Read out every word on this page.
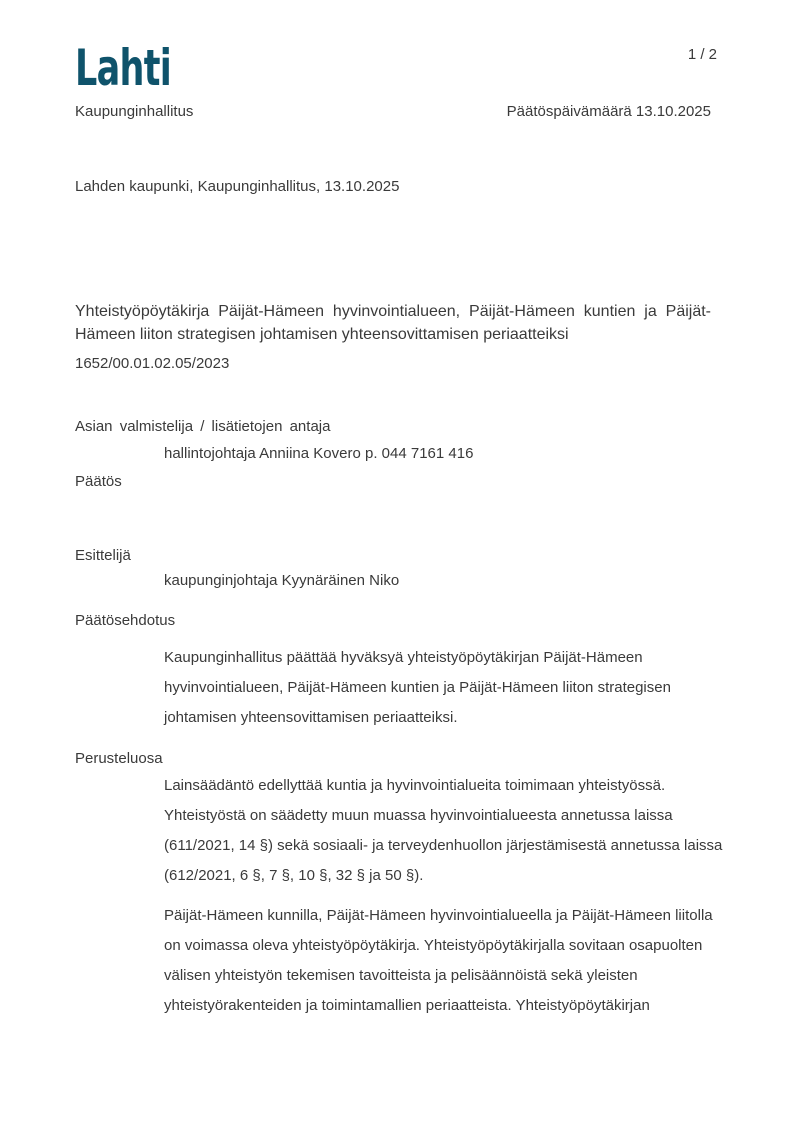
Lahti	1 / 2
Kaupunginhallitus	Päätöspäivämäärä 13.10.2025
Lahden kaupunki, Kaupunginhallitus, 13.10.2025
Yhteistyöpöytäkirja Päijät-Hämeen hyvinvointialueen, Päijät-Hämeen kuntien ja Päijät-Hämeen liiton strategisen johtamisen yhteensovittamisen periaatteiksi
1652/00.01.02.05/2023
Asian valmistelija / lisätietojen antaja
hallintojohtaja Anniina Kovero p. 044 7161 416
Päätös
Esittelijä
kaupunginjohtaja Kyynäräinen Niko
Päätösehdotus

Kaupunginhallitus päättää hyväksyä yhteistyöpöytäkirjan Päijät-Hämeen hyvinvointialueen, Päijät-Hämeen kuntien ja Päijät-Hämeen liiton strategisen johtamisen yhteensovittamisen periaatteiksi.

Perusteluosa

Lainsäädäntö edellyttää kuntia ja hyvinvointialueita toimimaan yhteistyössä. Yhteistyöstä on säädetty muun muassa hyvinvointialueesta annetussa laissa (611/2021, 14 §) sekä sosiaali- ja terveydenhuollon järjestämisestä annetussa laissa (612/2021, 6 §, 7 §, 10 §, 32 § ja 50 §).

Päijät-Hämeen kunnilla, Päijät-Hämeen hyvinvointialueella ja Päijät-Hämeen liitolla on voimassa oleva yhteistyöpöytäkirja. Yhteistyöpöytäkirjalla sovitaan osapuolten välisen yhteistyön tekemisen tavoitteista ja pelisäännöistä sekä yleisten yhteistyörakenteiden ja toimintamallien periaatteista. Yhteistyöpöytäkirjan
